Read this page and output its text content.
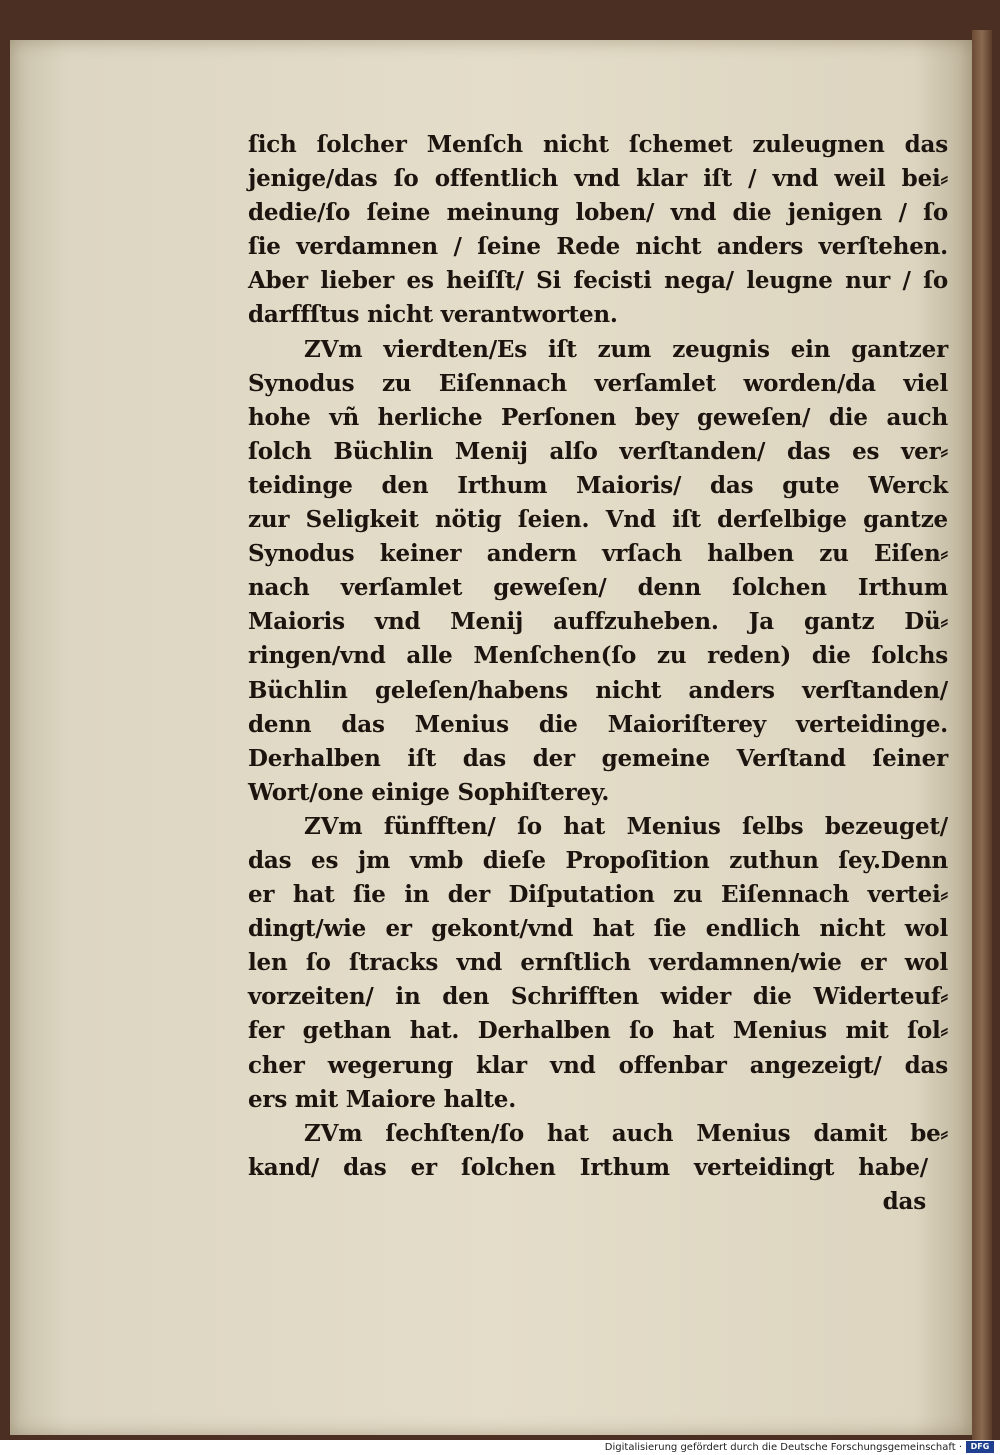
ſich ſolcher Menſch nicht ſchemet zuleugnen das
jenige/das ſo offentlich vnd klar iſt / vnd weil bei⸗
dedie/ſo ſeine meinung loben/ vnd die jenigen / ſo
ſie verdamnen / ſeine Rede nicht anders verſtehen.
Aber lieber es heiſſt/ Si fecisti nega/ leugne nur / ſo
darffſtus nicht verantworten.
ZVm vierdten/Es iſt zum zeugnis ein gantzer
Synodus zu Eiſennach verſamlet worden/da viel
hohe vñ herliche Perſonen bey geweſen/ die auch
ſolch Büchlin Menij alſo verſtanden/ das es ver⸗
teidinge den Irthum Maioris/ das gute Werck
zur Seligkeit nötig ſeien. Vnd iſt derſelbige gantze
Synodus keiner andern vrſach halben zu Eiſen⸗
nach verſamlet geweſen/ denn ſolchen Irthum
Maioris vnd Menij auffzuheben. Ja gantz Dü⸗
ringen/vnd alle Menſchen(ſo zu reden) die ſolchs
Büchlin geleſen/habens nicht anders verſtanden/
denn das Menius die Maioriſterey verteidinge.
Derhalben iſt das der gemeine Verſtand ſeiner
Wort/one einige Sophiſterey.
ZVm fünfften/ ſo hat Menius ſelbs bezeuget/
das es jm vmb dieſe Propoſition zuthun ſey.Denn
er hat ſie in der Diſputation zu Eiſennach vertei⸗
dingt/wie er gekont/vnd hat ſie endlich nicht wol
len ſo ſtracks vnd ernſtlich verdamnen/wie er wol
vorzeiten/ in den Schrifften wider die Widerteuf⸗
fer gethan hat. Derhalben ſo hat Menius mit ſol⸗
cher wegerung klar vnd offenbar angezeigt/ das
ers mit Maiore halte.
ZVm ſechſten/ſo hat auch Menius damit be⸗
kand/ das er ſolchen Irthum verteidingt habe/
das
Digitalisierung gefördert durch die Deutsche Forschungsgemeinschaft ·	DFG
